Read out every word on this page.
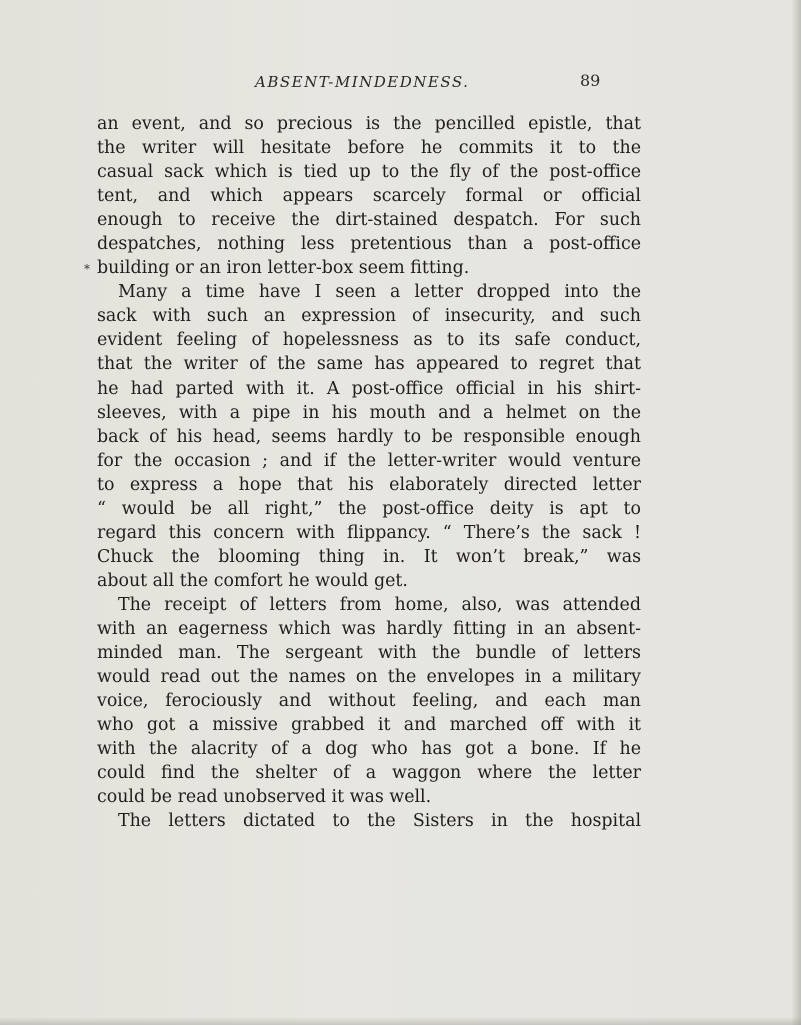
ABSENT-MINDEDNESS.	89
*
an event, and so precious is the pencilled epistle, that
the writer will hesitate before he commits it to the
casual sack which is tied up to the fly of the post-office
tent, and which appears scarcely formal or official
enough to receive the dirt-stained despatch. For such
despatches, nothing less pretentious than a post-office
building or an iron letter-box seem fitting.
Many a time have I seen a letter dropped into the
sack with such an expression of insecurity, and such
evident feeling of hopelessness as to its safe conduct,
that the writer of the same has appeared to regret that
he had parted with it. A post-office official in his shirt-
sleeves, with a pipe in his mouth and a helmet on the
back of his head, seems hardly to be responsible enough
for the occasion ; and if the letter-writer would venture
to express a hope that his elaborately directed letter
“ would be all right,” the post-office deity is apt to
regard this concern with flippancy. “ There’s the sack !
Chuck the blooming thing in. It won’t break,” was
about all the comfort he would get.
The receipt of letters from home, also, was attended
with an eagerness which was hardly fitting in an absent-
minded man. The sergeant with the bundle of letters
would read out the names on the envelopes in a military
voice, ferociously and without feeling, and each man
who got a missive grabbed it and marched off with it
with the alacrity of a dog who has got a bone. If he
could find the shelter of a waggon where the letter
could be read unobserved it was well.
The letters dictated to the Sisters in the hospital
